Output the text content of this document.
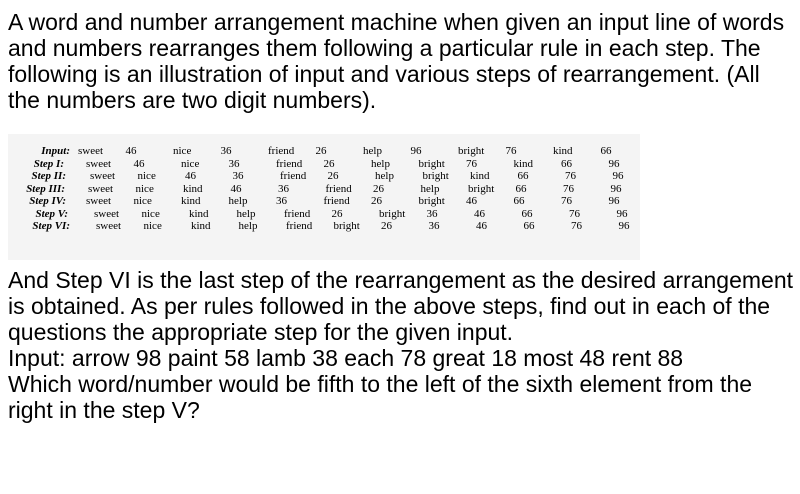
A word and number arrangement machine when given an input line of words and numbers rearranges them following a particular rule in each step. The following is an illustration of input and various steps of rearrangement. (All the numbers are two digit numbers).

Input: sweet 46	nice	36	friend 26	help	96	bright 76	kind	66
Step I: sweet 46	nice	36	friend 26	help	bright 76	kind	66	96
Step II: sweet nice	46	36	friend 26	help	bright kind	66	76	96
Step III: sweet nice	kind	46	36	friend 26	help	bright 66	76	96
Step IV: sweet nice	kind	help	36	friend 26	bright 46	66	76	96
Step V: sweet nice	kind	help	friend 26	bright 36	46	66	76	96
Step VI: sweet nice	kind	help	friend bright 26	36	46	66	76	96
And Step VI is the last step of the rearrangement as the desired arrangement is obtained. As per rules followed in the above steps, find out in each of the questions the appropriate step for the given input.
Input: arrow 98 paint 58 lamb 38 each 78 great 18 most 48 rent 88
Which word/number would be fifth to the left of the sixth element from the right in the step V?
